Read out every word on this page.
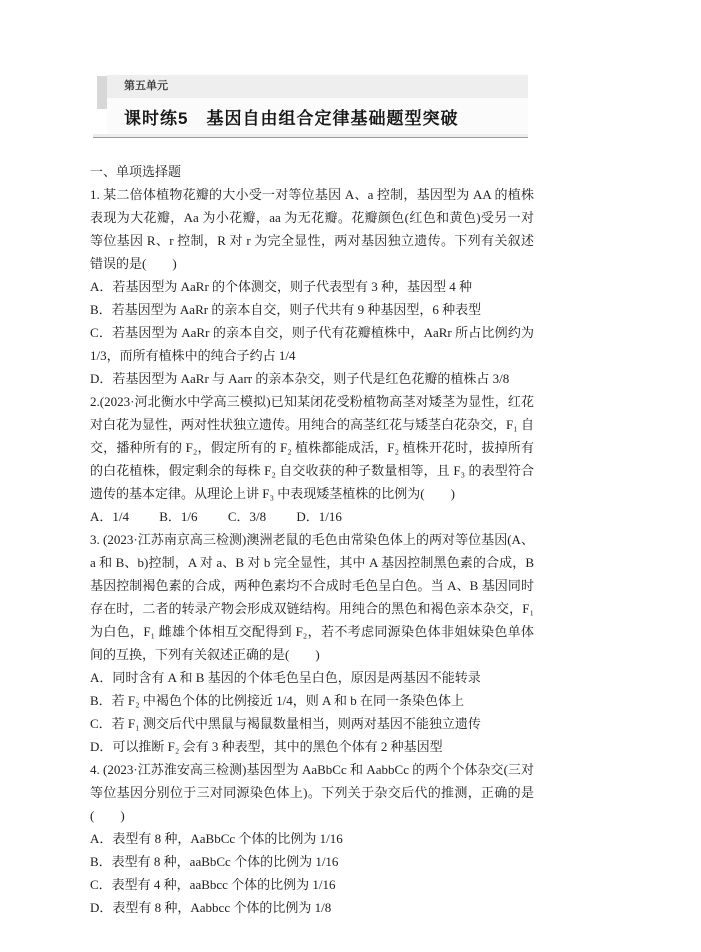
第五单元
课时练5　基因自由组合定律基础题型突破

一、单项选择题

1. 某二倍体植物花瓣的大小受一对等位基因 A、a 控制，基因型为 AA 的植株表现为大花瓣，Aa 为小花瓣，aa 为无花瓣。花瓣颜色(红色和黄色)受另一对等位基因 R、r 控制，R 对 r 为完全显性，两对基因独立遗传。下列有关叙述错误的是(　　)

A．若基因型为 AaRr 的个体测交，则子代表型有 3 种，基因型 4 种

B．若基因型为 AaRr 的亲本自交，则子代共有 9 种基因型，6 种表型

C．若基因型为 AaRr 的亲本自交，则子代有花瓣植株中，AaRr 所占比例约为 1/3，而所有植株中的纯合子约占 1/4

D．若基因型为 AaRr 与 Aarr 的亲本杂交，则子代是红色花瓣的植株占 3/8

2.(2023·河北衡水中学高三模拟)已知某闭花受粉植物高茎对矮茎为显性，红花对白花为显性，两对性状独立遗传。用纯合的高茎红花与矮茎白花杂交，F₁ 自交，播种所有的 F₂，假定所有的 F₂ 植株都能成活，F₂ 植株开花时，拔掉所有的白花植株，假定剩余的每株 F₂ 自交收获的种子数量相等，且 F₃ 的表型符合遗传的基本定律。从理论上讲 F₃ 中表现矮茎植株的比例为(　　)

A．1/4 B．1/6 C．3/8 D．1/16

3. (2023·江苏南京高三检测)澳洲老鼠的毛色由常染色体上的两对等位基因(A、a 和 B、b)控制，A 对 a、B 对 b 完全显性，其中 A 基因控制黑色素的合成，B 基因控制褐色素的合成，两种色素均不合成时毛色呈白色。当 A、B 基因同时存在时，二者的转录产物会形成双链结构。用纯合的黑色和褐色亲本杂交，F₁ 为白色，F₁ 雌雄个体相互交配得到 F₂，若不考虑同源染色体非姐妹染色单体间的互换，下列有关叙述正确的是(　　)

A．同时含有 A 和 B 基因的个体毛色呈白色，原因是两基因不能转录

B．若 F₂ 中褐色个体的比例接近 1/4，则 A 和 b 在同一条染色体上

C．若 F₁ 测交后代中黑鼠与褐鼠数量相当，则两对基因不能独立遗传

D．可以推断 F₂ 会有 3 种表型，其中的黑色个体有 2 种基因型

4. (2023·江苏淮安高三检测)基因型为 AaBbCc 和 AabbCc 的两个个体杂交(三对等位基因分别位于三对同源染色体上)。下列关于杂交后代的推测，正确的是(　　)

A．表型有 8 种，AaBbCc 个体的比例为 1/16

B．表型有 8 种，aaBbCc 个体的比例为 1/16

C．表型有 4 种，aaBbcc 个体的比例为 1/16

D．表型有 8 种，Aabbcc 个体的比例为 1/8
